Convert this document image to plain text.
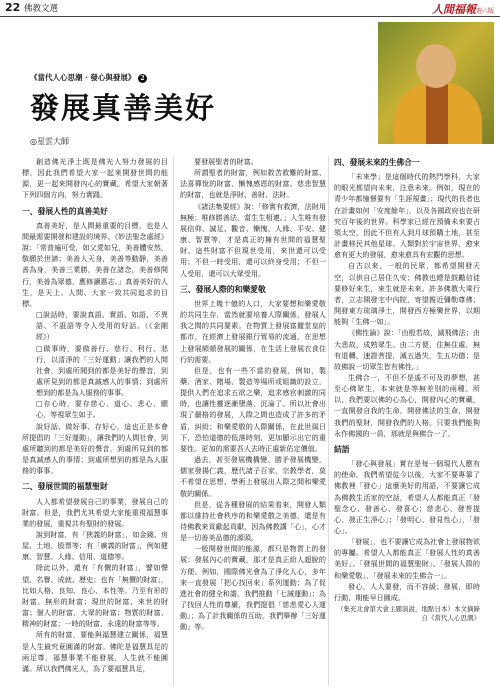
22 佛教文選	人間福報週六版
《當代人心思潮 · 發心與發展》 2
發展真善美好
◎星雲大師

創造佛光淨土既是佛光人努力發展的目標，因此我們希望大家一起來開發世間的能源，更一起來開發內心的寶藏。希望大家朝著下列四個方向，努力實踐。

一、發展人性的真善美好

真善美好，是人間最重要的目標，也是人間最需要開發和建設的境界。《妙法聖念處經》說：「常普遍可受，如父愛如兄，美善體安然，敬願於世諦；美善人天身，美善等動靜，美善善為身，美善三業勝，美善在諸念，美善修開行，美善為眾德，應修讀惠志。」真善美好的人生，是天上、人間、大家一致共同追求的目標。

□說話時，要說真語、實語、如語、不異語、不誑語等令人受用的好話。（《金剛經》）

□做事時，要做善行、慈行、利行、悲行，以清淨的「三好運動」讓我們的人間社會，到處所聞到的都是美好的聲音，到處所見到的都是真誠感人的事情；到處所想到的都是為人服務的事事。

□存心時，要存慈心、道心、悲心、願心，等視眾生如子。

說好話、做好事、存好心，這也正是本會所提倡的「三好運動」，讓我們的人間社會，到處所聽到的都是美好的聲音，到處所見到的都是真誠感人的事情；到處所想到的都是為人服務的事事。

二、發展世間的福慧聖財

人人都希望發展自己的事業，發展自己的財富。但是，我們尤其希望大家能重視福慧事業的發展，重視共有聖財的發展。

說到財富，有「狹義的財富」，如金錢、房屋、土地、股票等；有「廣義的財富」，例如健康、智慧、人緣、信用、道德等。

除此以外，還有「有價的財富」，譬如聲望、名譽、成就、歷史；也有「無價的財富」，比如人格、良知、良心、本性等。乃至有形的財富、無形的財富；現世的財富、來世的財富；個人的財富、大眾的財富；物質的財富、精神的財富；一時的財富、永遠的財富等等。

所有的財富，要能與福慧建立關係，福慧是人生最究竟圓滿的財富。佛陀是福慧具足的兩足尊，福慧事業不能發展，人生就不能圓滿。所以我們佛光人，為了要福慧具足，

要發展聖者的財富。

所謂聖者的財富，例如救苦救難的財富、法喜禪悅的財富、慚愧感恩的財富、慈悲智慧的財富，也就是淨財、善財、法財。

《諸法集要經》說：「修實有救濟，法財用無極；唯修勝善法，當生生相連。」人生唯有發展信仰、誠足、觀音、慚愧、人緣、平安、健康、智慧等，才是真正的擁有世間的福慧聖財。這些財富不但現世受用，來世還可以受用；不但一時受用，還可以終身受用；不但一人受用，還可以大眾受用。

三、發展人際的和樂愛敬

世界上幾十億的人口，大家要想和樂愛敬的共同生存，當然就要培養人際關係，發展人我之間的共同要素。在物質上發展富麗堂皇的都市，在經濟上發展銀行貿易的流通，在思想上發展頗頓發展的關係，在生活上發展衣食住行的需要。

但是，也有一些不當的發展，例如，製藥、酒家、賭場、製造等場所或組織的設立，提供人們在追求五欲之樂，追求感官刺激的同時，也讓性靈逐漸墮落、沉淪了。所以社會出現了嚴格的發展，人際之間也造成了許多的矛盾，糾紛；和樂愛敬的人際關係，在此世風日下，恐怕道德的低落時刻，更加顯示出它的重要性。更加的需要吾人去時正處新佑定價值。

過去，甚至發展機構變、勝矛發展機變，儒家發揚仁義，歷代諸子百家，宗教學者，莫不希望在思想、學術上發展出人際之間和樂愛敬的關係。

但是，從各種發展的結果看來，開發人類都以維持社會秩序的和樂愛敬之美德，還是有待佛教來貢獻起貢獻，因為佛教講「心」，心才是一切善美品德的源頭。

一般開發世間的能源，都只是物質上的發展；發展內心的寶藏，那才是真正紛人超脫的方便。例如，國際佛光會為了淨化人心，多年來一直發展「把心找回來」系列運動；為了促進社會的健全和諧，我們推動「七誡運動」；為了找回人性的尊嚴，我們提倡「慈悲愛心人運動」；為了計我關係的互助，我們舉辦「三好運動」等。

四、發展未來的生佛合一

「未來學」是這個時代的熱門學科，大家的眼光都望向未來，注意未來。例如，現在的青少年都憧憬要有「生涯規畫」；現代的長者也在計畫如何「安度餘年」，以及各國政府也在研究百年後的世界。科學家已經在預備未來要占領太空，因此不但有人到月球預購土地，甚至計畫移民其他星球。人類對於宇宙世界，愈來愈有更大的發展，愈來愈具有宏觀的思想。

自古以來，一般的民眾，都希望開發天空，以供自己居住久安；佛教也總是鼓勵信徒要修好來生，來生就是未來。許多佛教大乘行者，立志開發宅中內院，寄望親近彌勒尊佛；開發東方琉璃淨土，開發西方極樂世界，以期能夠「生佛一如」。

《佛性論》說：「由般若故，滅飛佛法；由大悲故，成熟眾生。由二方便，住無住處，無有退轉，速證菩提，滅五過失，生五功德；是故佛說一切眾生皆有佛性。」

生佛合一，不但不是遙不可及的夢想，甚至心佛眾生，本來就是等無差別的兩種。所以，我們要以佛的心為心，開發內心的寶藏，一直開發自我的生命，開發佛法的生命，開發我們的聖財，開發我們的人格。只要我們能夠永作佛國的一員，那就是與佛合一了。

結語

「發心與發展」實在是每一個現代人應有的使命。我們希望從今以後，大家不要專靠了佛教裡「發心」這麼美好的用語，不要讓它成為佛教生活家的空話，希望人人都能真正「發聖念心、發善心、發喜心；慈悲心、發菩提心、發正生淨心」；「發明心、發見性心」，「發心」。

「發展」，也不要讓它成為社會上發展物欲的專屬。希望人人都能真正「發展人性的真善美好」、「發展世間的福慧聖財」、「發展人際的和樂愛敬」、「發展未來的生佛合一」。

發心，人人要發，而不容緩；發展，即時行動，期能早日圓成。

（集充北會第大會主題演說，地點日本）本文摘錄自《當代人心思潮》
